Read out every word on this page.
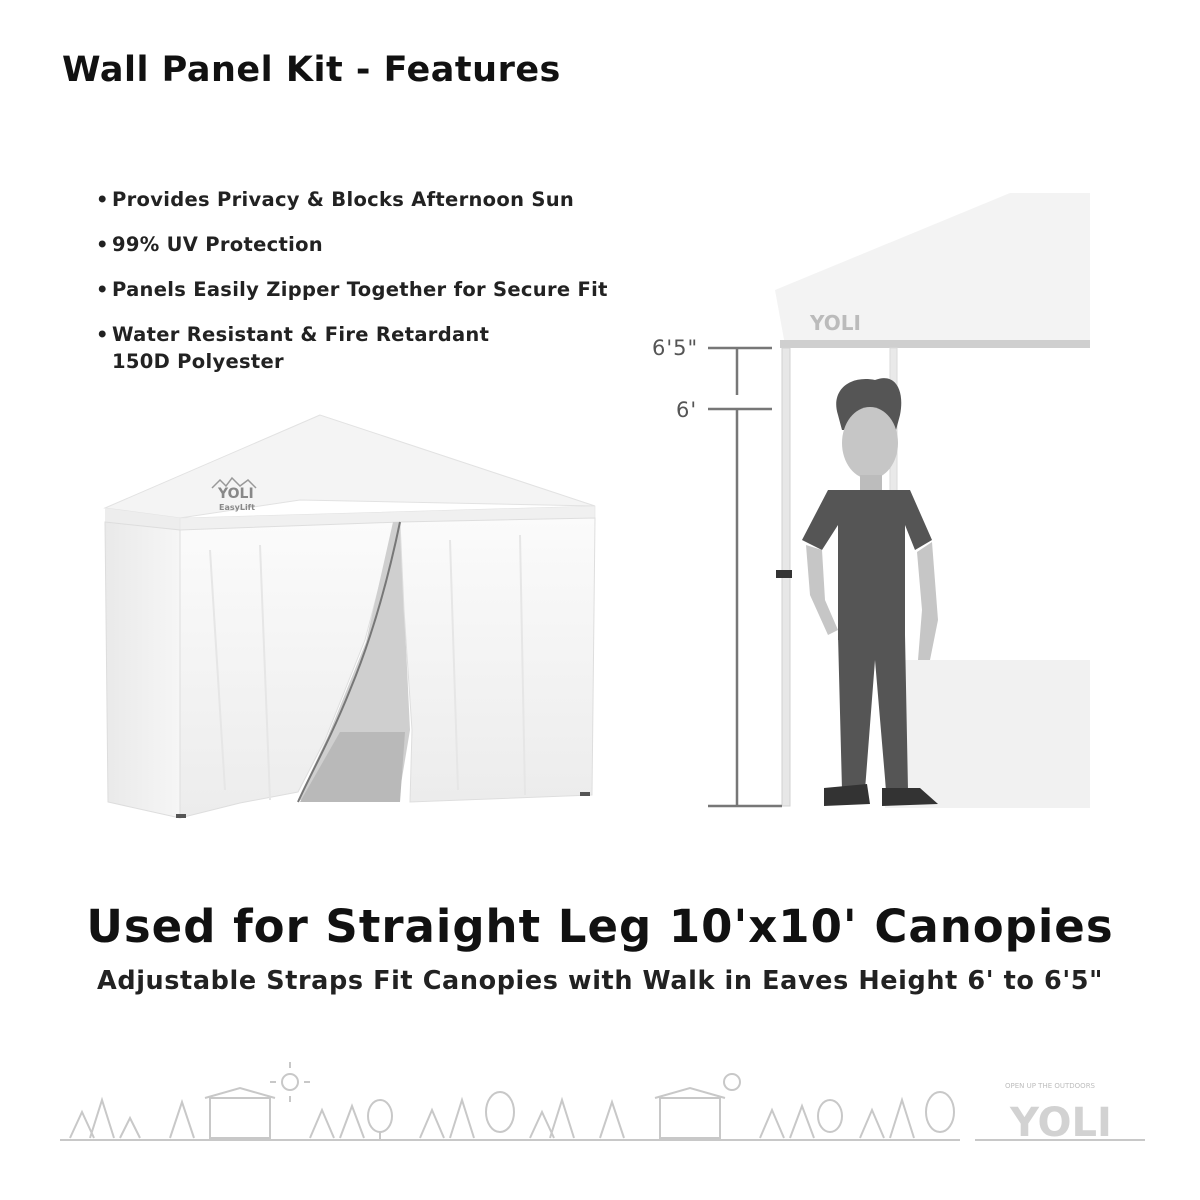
Wall Panel Kit - Features
• Provides Privacy & Blocks Afternoon Sun
• 99% UV Protection
• Panels Easily Zipper Together for Secure Fit
• Water Resistant & Fire Retardant
150D Polyester
YOLI
EasyLift
YOLI
6'5"
6'
Used for Straight Leg 10'x10' Canopies

Adjustable Straps Fit Canopies with Walk in Eaves Height 6' to 6'5"

OPEN UP THE OUTDOORS
YOLI
